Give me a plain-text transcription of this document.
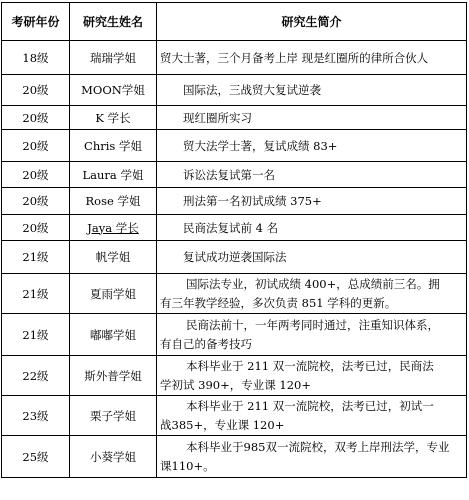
考研年份	研究生姓名	研究生简介
18级	瑞瑞学姐	贸大士著，三个月备考上岸 现是红圈所的律所合伙人
20级	MOON学姐	国际法，三战贸大复试逆袭
20级	K 学长	现红圈所实习
20级	Chris 学姐	贸大法学士著，复试成绩 83+
20级	Laura 学姐	诉讼法复试第一名
20级	Rose 学姐	刑法第一名初试成绩 375+
20级	Jaya 学长	民商法复试前 4 名
21级	帆学姐	复试成功逆袭国际法
21级	夏雨学姐	国际法专业，初试成绩 400+，总成绩前三名。拥
有三年教学经验，多次负责 851 学科的更新。

21级	嘟嘟学姐	民商法前十，一年两考同时通过，注重知识体系，
有自己的备考技巧

22级	斯外普学姐	本科毕业于 211 双一流院校，法考已过，民商法
学初试 390+，专业课 120+

23级	栗子学姐	本科毕业于 211 双一流院校，法考已过，初试一
战385+，专业课 120+

25级	小葵学姐	本科毕业于985双一流院校，双考上岸刑法学，专业
课110+。
